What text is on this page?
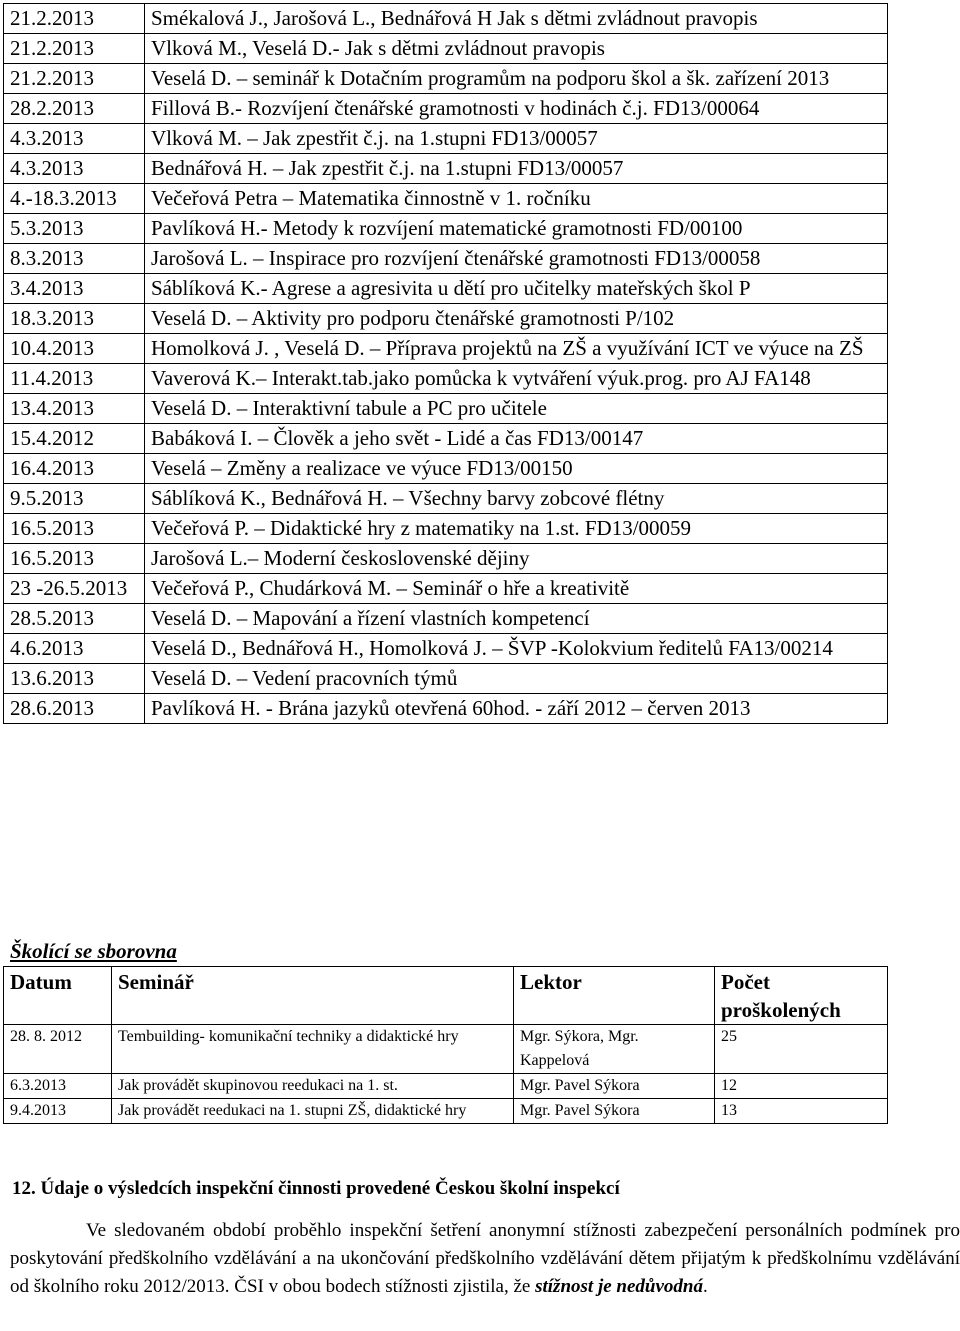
21.2.2013	Smékalová J., Jarošová L., Bednářová H Jak s dětmi zvládnout pravopis
21.2.2013	Vlková M., Veselá D.- Jak s dětmi zvládnout pravopis
21.2.2013	Veselá D. – seminář k Dotačním programům na podporu škol a šk. zařízení 2013
28.2.2013	Fillová B.- Rozvíjení čtenářské gramotnosti v hodinách č.j. FD13/00064
4.3.2013	Vlková M. – Jak zpestřit č.j. na 1.stupni FD13/00057
4.3.2013	Bednářová H. – Jak zpestřit č.j. na 1.stupni FD13/00057
4.-18.3.2013	Večeřová Petra – Matematika činnostně v 1. ročníku
5.3.2013	Pavlíková H.- Metody k rozvíjení matematické gramotnosti FD/00100
8.3.2013	Jarošová L. – Inspirace pro rozvíjení čtenářské gramotnosti FD13/00058
3.4.2013	Sáblíková K.- Agrese a agresivita u dětí pro učitelky mateřských škol P
18.3.2013	Veselá D. – Aktivity pro podporu čtenářské gramotnosti P/102
10.4.2013	Homolková J. , Veselá D. – Příprava projektů na ZŠ a využívání ICT ve výuce na ZŠ
11.4.2013	Vaverová K.– Interakt.tab.jako pomůcka k vytváření výuk.prog. pro AJ FA148
13.4.2013	Veselá D. – Interaktivní tabule a PC pro učitele
15.4.2012	Babáková I. – Člověk a jeho svět - Lidé a čas FD13/00147
16.4.2013	Veselá – Změny a realizace ve výuce FD13/00150
9.5.2013	Sáblíková K., Bednářová H. – Všechny barvy zobcové flétny
16.5.2013	Večeřová P. – Didaktické hry z matematiky na 1.st. FD13/00059
16.5.2013	Jarošová L.– Moderní československé dějiny
23 -26.5.2013	Večeřová P., Chudárková M. – Seminář o hře a kreativitě
28.5.2013	Veselá D. – Mapování a řízení vlastních kompetencí
4.6.2013	Veselá D., Bednářová H., Homolková J. – ŠVP -Kolokvium ředitelů FA13/00214
13.6.2013	Veselá D. – Vedení pracovních týmů
28.6.2013	Pavlíková H. - Brána jazyků otevřená 60hod. - září 2012 – červen 2013
Školící se sborovna
Datum	Seminář	Lektor	Počet proškolených
28. 8. 2012	Tembuilding- komunikační techniky a didaktické hry	Mgr. Sýkora, Mgr. Kappelová	25
6.3.2013	Jak provádět skupinovou reedukaci na 1. st.	Mgr. Pavel Sýkora	12
9.4.2013	Jak provádět reedukaci na 1. stupni ZŠ, didaktické hry	Mgr. Pavel Sýkora	13
12. Údaje o výsledcích inspekční činnosti provedené Českou školní inspekcí
Ve sledovaném období proběhlo inspekční šetření anonymní stížnosti zabezpečení personálních podmínek pro poskytování předškolního vzdělávání a na ukončování předškolního vzdělávání dětem přijatým k předškolnímu vzdělávání od školního roku 2012/2013. ČSI v obou bodech stížnosti zjistila, že stížnost je nedůvodná.
